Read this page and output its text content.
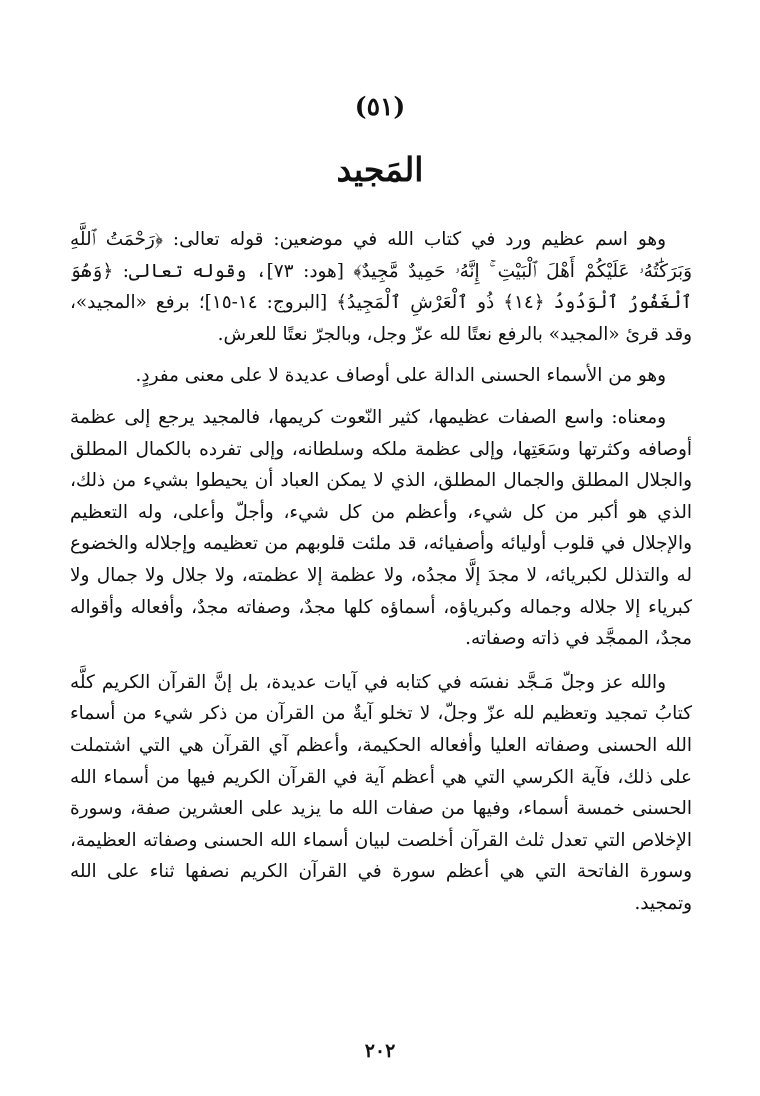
(٥١)
المَجيد

وهو اسم عظيم ورد في كتاب الله في موضعين: قوله تعالى: ﴿رَحْمَتُ ٱللَّهِ وَبَرَكَٰتُهُۥ عَلَيْكُمْ أَهْلَ ٱلْبَيْتِ ۚ إِنَّهُۥ حَمِيدٌ مَّجِيدٌ﴾ [هود: ٧٣]، وقوله تعالى: ﴿وَهُوَ ٱلْغَفُورُ ٱلْوَدُودُ ﴿١٤﴾ ذُو ٱلْعَرْشِ ٱلْمَجِيدُ﴾ [البروج: ١٤-١٥]؛ برفع «المجيد»، وقد قرئ «المجيد» بالرفع نعتًا لله عزّ وجل، وبالجرّ نعتًا للعرش.

وهو من الأسماء الحسنى الدالة على أوصاف عديدة لا على معنى مفردٍ.

ومعناه: واسع الصفات عظيمها، كثير النّعوت كريمها، فالمجيد يرجع إلى عظمة أوصافه وكثرتها وسَعَتِها، وإلى عظمة ملكه وسلطانه، وإلى تفرده بالكمال المطلق والجلال المطلق والجمال المطلق، الذي لا يمكن العباد أن يحيطوا بشيء من ذلك، الذي هو أكبر من كل شيء، وأعظم من كل شيء، وأجلّ وأعلى، وله التعظيم والإجلال في قلوب أوليائه وأصفيائه، قد ملئت قلوبهم من تعظيمه وإجلاله والخضوع له والتذلل لكبريائه، لا مجدَ إلَّا مجدُه، ولا عظمة إلا عظمته، ولا جلال ولا جمال ولا كبرياء إلا جلاله وجماله وكبرياؤه، أسماؤه كلها مجدٌ، وصفاته مجدٌ، وأفعاله وأقواله مجدٌ، الممجَّد في ذاته وصفاته.

والله عز وجلّ مَـجَّد نفسَه في كتابه في آيات عديدة، بل إنَّ القرآن الكريم كلَّه كتابُ تمجيد وتعظيم لله عزّ وجلّ، لا تخلو آيةٌ من القرآن من ذكر شيء من أسماء الله الحسنى وصفاته العليا وأفعاله الحكيمة، وأعظم آي القرآن هي التي اشتملت على ذلك، فآية الكرسي التي هي أعظم آية في القرآن الكريم فيها من أسماء الله الحسنى خمسة أسماء، وفيها من صفات الله ما يزيد على العشرين صفة، وسورة الإخلاص التي تعدل ثلث القرآن أخلصت لبيان أسماء الله الحسنى وصفاته العظيمة، وسورة الفاتحة التي هي أعظم سورة في القرآن الكريم نصفها ثناء على الله وتمجيد.

٢٠٢
